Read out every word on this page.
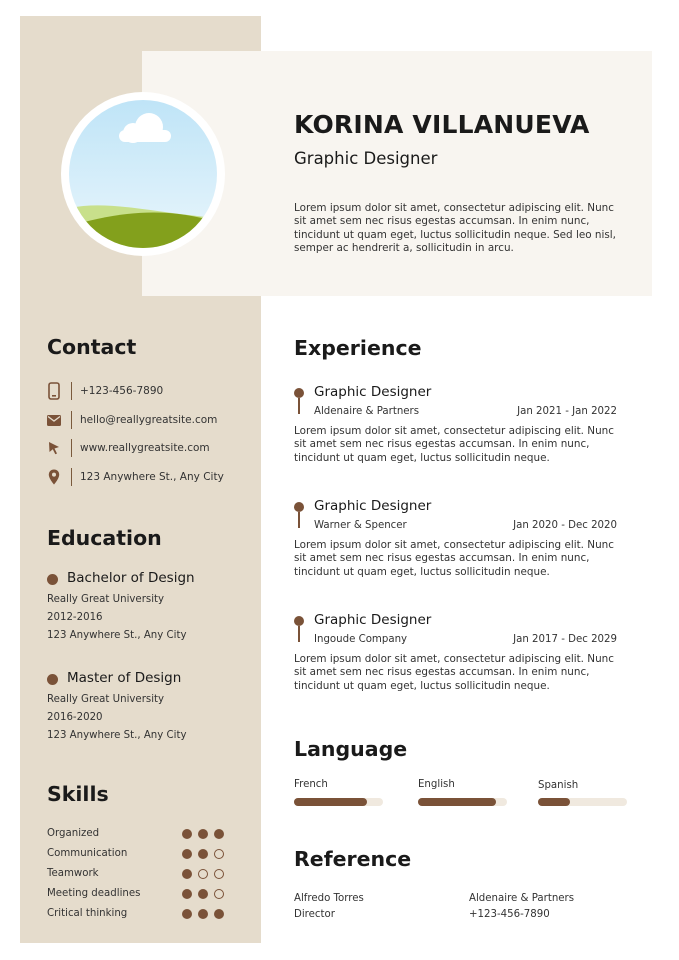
KORINA VILLANUEVA
Graphic Designer
Lorem ipsum dolor sit amet, consectetur adipiscing elit. Nunc sit amet sem nec risus egestas accumsan. In enim nunc, tincidunt ut quam eget, luctus sollicitudin neque. Sed leo nisl, semper ac hendrerit a, sollicitudin in arcu.
Contact
+123-456-7890
hello@reallygreatsite.com
www.reallygreatsite.com
123 Anywhere St., Any City
Education
Bachelor of Design
Really Great University
2012-2016
123 Anywhere St., Any City
Master of Design
Really Great University
2016-2020
123 Anywhere St., Any City
Skills
Organized
Communication
Teamwork
Meeting deadlines
Critical thinking
Experience
Graphic Designer
Aldenaire & Partners	Jan 2021 - Jan 2022
Lorem ipsum dolor sit amet, consectetur adipiscing elit. Nunc sit amet sem nec risus egestas accumsan. In enim nunc, tincidunt ut quam eget, luctus sollicitudin neque.
Graphic Designer
Warner & Spencer	Jan 2020 - Dec 2020
Lorem ipsum dolor sit amet, consectetur adipiscing elit. Nunc sit amet sem nec risus egestas accumsan. In enim nunc, tincidunt ut quam eget, luctus sollicitudin neque.
Graphic Designer
Ingoude Company	Jan 2017 - Dec 2029
Lorem ipsum dolor sit amet, consectetur adipiscing elit. Nunc sit amet sem nec risus egestas accumsan. In enim nunc, tincidunt ut quam eget, luctus sollicitudin neque.
Language
French	English	Spanish
Reference
Alfredo Torres
Director
Aldenaire & Partners
+123-456-7890
